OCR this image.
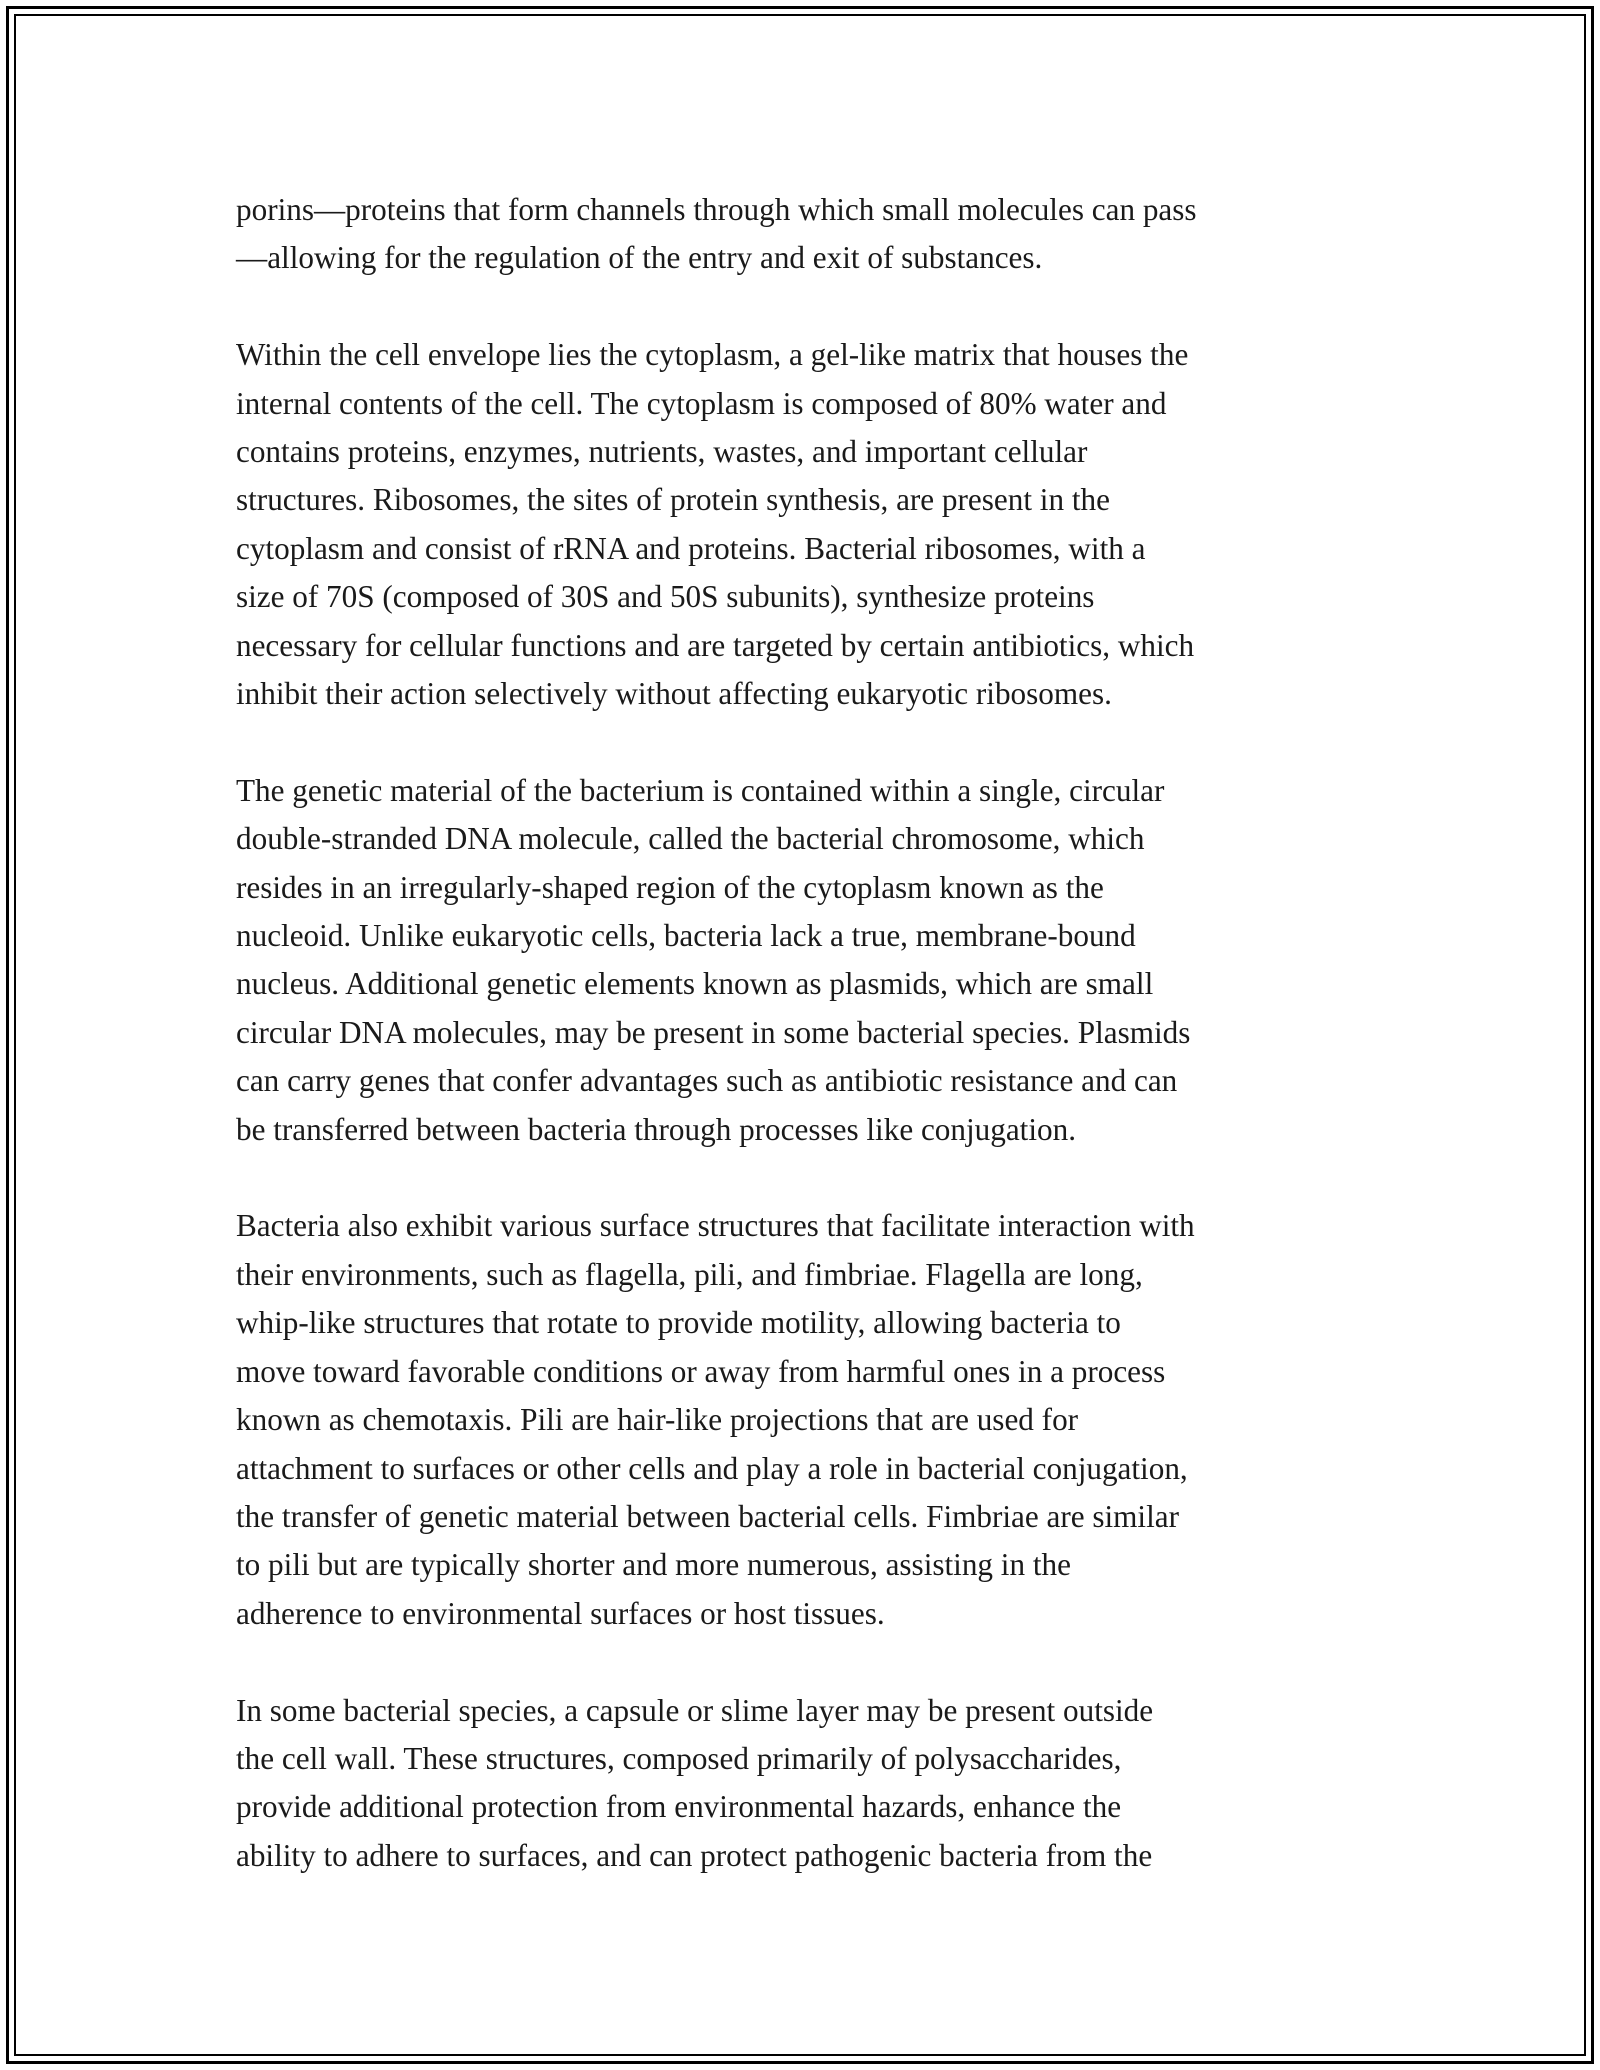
porins—proteins that form channels through which small molecules can pass
—allowing for the regulation of the entry and exit of substances.

Within the cell envelope lies the cytoplasm, a gel-like matrix that houses the
internal contents of the cell. The cytoplasm is composed of 80% water and
contains proteins, enzymes, nutrients, wastes, and important cellular
structures. Ribosomes, the sites of protein synthesis, are present in the
cytoplasm and consist of rRNA and proteins. Bacterial ribosomes, with a
size of 70S (composed of 30S and 50S subunits), synthesize proteins
necessary for cellular functions and are targeted by certain antibiotics, which
inhibit their action selectively without affecting eukaryotic ribosomes.

The genetic material of the bacterium is contained within a single, circular
double-stranded DNA molecule, called the bacterial chromosome, which
resides in an irregularly-shaped region of the cytoplasm known as the
nucleoid. Unlike eukaryotic cells, bacteria lack a true, membrane-bound
nucleus. Additional genetic elements known as plasmids, which are small
circular DNA molecules, may be present in some bacterial species. Plasmids
can carry genes that confer advantages such as antibiotic resistance and can
be transferred between bacteria through processes like conjugation.

Bacteria also exhibit various surface structures that facilitate interaction with
their environments, such as flagella, pili, and fimbriae. Flagella are long,
whip-like structures that rotate to provide motility, allowing bacteria to
move toward favorable conditions or away from harmful ones in a process
known as chemotaxis. Pili are hair-like projections that are used for
attachment to surfaces or other cells and play a role in bacterial conjugation,
the transfer of genetic material between bacterial cells. Fimbriae are similar
to pili but are typically shorter and more numerous, assisting in the
adherence to environmental surfaces or host tissues.

In some bacterial species, a capsule or slime layer may be present outside
the cell wall. These structures, composed primarily of polysaccharides,
provide additional protection from environmental hazards, enhance the
ability to adhere to surfaces, and can protect pathogenic bacteria from the
